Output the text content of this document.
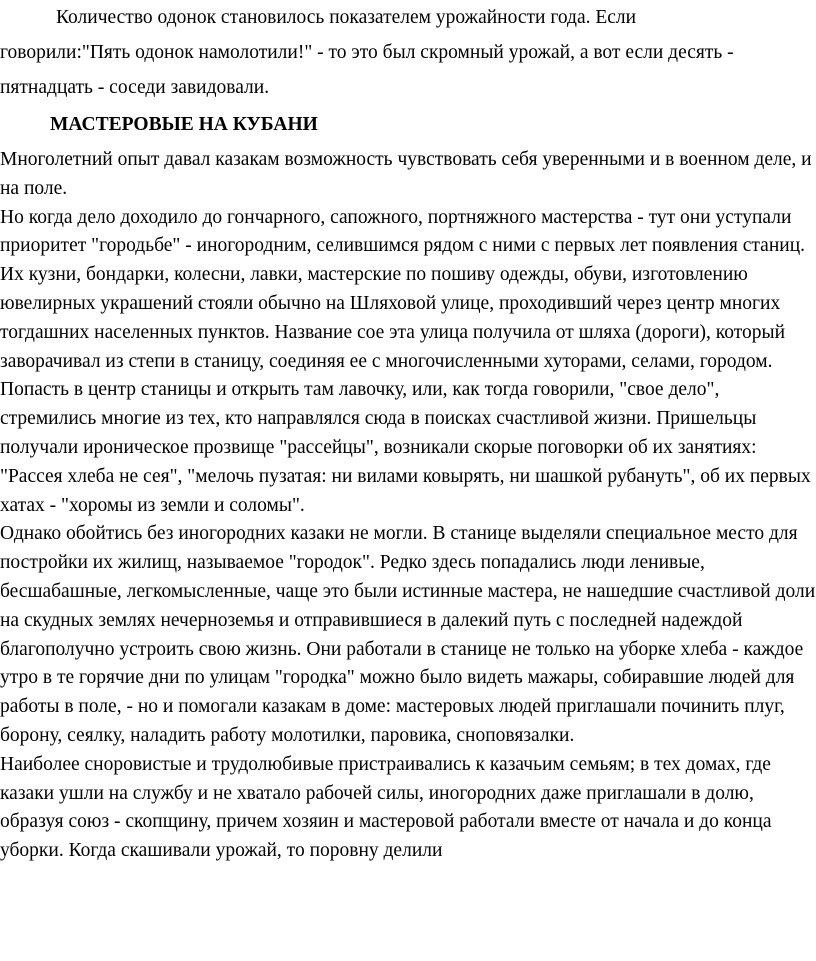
Количество одонок становилось показателем урожайности года. Если
говорили:"Пять одонок намолотили!" - то это был скромный урожай, а вот если десять - пятнадцать - соседи завидовали.

МАСТЕРОВЫЕ НА КУБАНИ

Многолетний опыт давал казакам возможность чувствовать себя уверенными и в военном деле, и на поле.

Но когда дело доходило до гончарного, сапожного, портняжного мастерства - тут они уступали приоритет "городьбе" - иногородним, селившимся рядом с ними с первых лет появления станиц.

Их кузни, бондарки, колесни, лавки, мастерские по пошиву одежды, обуви, изготовлению ювелирных украшений стояли обычно на Шляховой улице, проходивший через центр многих тогдашних населенных пунктов. Название сое эта улица получила от шляха (дороги), который заворачивал из степи в станицу, соединяя ее с многочисленными хуторами, селами, городом.

Попасть в центр станицы и открыть там лавочку, или, как тогда говорили, "свое дело", стремились многие из тех, кто направлялся сюда в поисках счастливой жизни. Пришельцы получали ироническое прозвище "рассейцы", возникали скорые поговорки об их занятиях: "Рассея хлеба не сея", "мелочь пузатая: ни вилами ковырять, ни шашкой рубануть", об их первых хатах - "хоромы из земли и соломы".

Однако обойтись без иногородних казаки не могли. В станице выделяли специальное место для постройки их жилищ, называемое "городок". Редко здесь попадались люди ленивые, бесшабашные, легкомысленные, чаще это были истинные мастера, не нашедшие счастливой доли на скудных землях нечерноземья и отправившиеся в далекий путь с последней надеждой благополучно устроить свою жизнь. Они работали в станице не только на уборке хлеба - каждое утро в те горячие дни по улицам "городка" можно было видеть мажары, собиравшие людей для работы в поле, - но и помогали казакам в доме: мастеровых людей приглашали починить плуг, борону, сеялку, наладить работу молотилки, паровика, сноповязалки.

Наиболее сноровистые и трудолюбивые пристраивались к казачьим семьям; в тех домах, где казаки ушли на службу и не хватало рабочей силы, иногородних даже приглашали в долю, образуя союз - скопщину, причем хозяин и мастеровой работали вместе от начала и до конца уборки. Когда скашивали урожай, то поровну делили
